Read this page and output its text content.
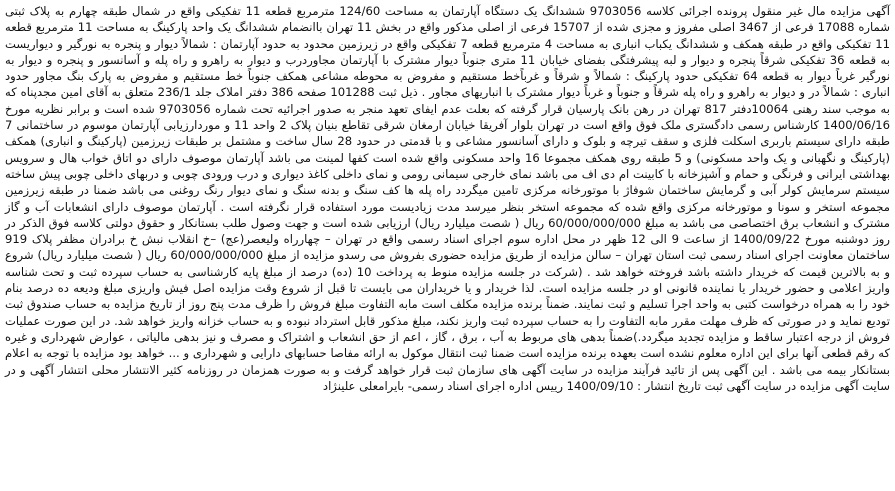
آگهی مزایده مال غیر منقول پرونده اجرائی کلاسه 9703056 ششدانگ یک دستگاه آپارتمان به مساحت 124/60 مترمربع قطعه 11 تفکیکی واقع در شمال طبقه چهارم به پلاک ثبتی شماره 17088 فرعی از 3467 اصلی مفروز و مجزی شده از 15707 فرعی از اصلی مذکور واقع در بخش 11 تهران باانضمام ششدانگ یک واحد پارکینگ به مساحت 11 مترمربع قطعه 11 تفکیکی واقع در طبقه همکف و ششدانگ یکباب انباری به مساحت 4 مترمربع قطعه 7 تفکیکی واقع در زیرزمین محدود به حدود آپارتمان : شمالاً دیوار و پنجره به نورگیر و دیواریست به قطعه 36 تفکیکی شرقاً پنجره و دیوار و لبه پیشرفتگی بفضای خیابان 11 متری جنوباً دیوار مشترک با آپارتمان مجاوردرب و دیوار به راهرو و راه پله و آسانسور و پنجره و دیوار به نورگیر غرباً دیوار به قطعه 64 تفکیکی حدود پارکینگ : شمالاً و شرقاً و غرباًخط مستقیم و مفروض به محوطه مشاعی همکف جنوباً خط مستقیم و مفروض به پارک بنگ مجاور حدود انباری : شمالاً در و دیوار به راهرو و راه پله شرقاً و جنوباً و غرباً دیوار مشترک با انباریهای مجاور . ذیل ثبت 101288 صفحه 386 دفتر املاک جلد 236/1 متعلق به آقای امین مجدپناه که به موجب سند رهنی 10064دفتر 817 تهران در رهن بانک پارسیان قرار گرفته که بعلت عدم ایفای تعهد منجر به صدور اجرائیه تحت شماره 9703056 شده است و برابر نظریه مورخ 1400/06/16 کارشناس رسمی دادگستری ملک فوق واقع است در تهران بلوار آفریقا خیابان ارمغان شرقی تقاطع بنیان پلاک 2 واحد 11 و موردارزیابی آپارتمان موسوم در ساختمانی 7 طبقه دارای سیستم باربری اسکلت فلزی و سقف تیرچه و بلوک و دارای آسانسور مشاعی و با قدمتی در حدود 28 سال ساخت و مشتمل بر طبقات زیرزمین (پارکینگ و انباری) همکف (پارکینگ و نگهبانی و یک واحد مسکونی) و 5 طبقه روی همکف مجموعا 16 واحد مسکونی واقع شده است کفها لمینت می باشد آپارتمان موصوف دارای دو اتاق خواب هال و سرویس بهداشتی ایرانی و فرنگی و حمام و آشپزخانه با کابینت ام دی اف می باشد نمای خارجی سیمانی رومی و نمای داخلی کاغذ دیواری و درب ورودی چوبی و دربهای داخلی چوبی پیش ساخته سیستم سرمایش کولر آبی و گرمایش ساختمان شوفاژ با موتورخانه مرکزی تامین میگردد راه پله ها کف سنگ و بدنه سنگ و نمای دیوار رنگ روغنی می باشد ضمنا در طبقه زیرزمین مجموعه استخر و سونا و موتورخانه مرکزی واقع شده که مجموعه استخر بنظر میرسد مدت زیادیست مورد استفاده قرار نگرفته است . آپارتمان موصوف دارای انشعابات آب و گاز مشترک و انشعاب برق اختصاصی می باشد به مبلغ 60/000/000/000 ریال ( شصت میلیارد ریال) ارزیابی شده است و جهت وصول طلب بستانکار و حقوق دولتی کلاسه فوق الذکر در روز دوشنبه مورخ 1400/09/22 از ساعت 9 الی 12 ظهر در محل اداره سوم اجرای اسناد رسمی واقع در تهران – چهارراه ولیعصر(عج) –خ انقلاب نبش خ برادران مظفر پلاک 919 ساختمان معاونت اجرای اسناد رسمی ثبت استان تهران – سالن مزایده از طریق مزایده حضوری بفروش می رسدو مزایده از مبلغ 60/000/000/000 ریال ( شصت میلیارد ریال) شروع و به بالاترین قیمت که خریدار داشته باشد فروخته خواهد شد . (شرکت در جلسه مزایده منوط به پرداخت 10 (ده) درصد از مبلغ پایه کارشناسی به حساب سپرده ثبت و تحت شناسه واریز اعلامی و حضور خریدار یا نماینده قانونی او در جلسه مزایده است. لذا خریدار و یا خریداران می بایست تا قبل از شروع وقت مزایده اصل فیش واریزی مبلغ ودیعه ده درصد بنام خود را به همراه درخواست کتبی به واحد اجرا تسلیم و ثبت نمایند. ضمناً برنده مزایده مکلف است مابه التفاوت مبلغ فروش را ظرف مدت پنج روز از تاریخ مزایده به حساب صندوق ثبت تودیع نماید و در صورتی که ظرف مهلت مقرر مابه التفاوت را به حساب سپرده ثبت واریز نکند، مبلغ مذکور قابل استرداد نبوده و به حساب خزانه واریز خواهد شد. در این صورت عملیات فروش از درجه اعتبار ساقط و مزایده تجدید میگردد.)ضمناً بدهی های مربوط به آب ، برق ، گاز ، اعم از حق انشعاب و اشتراک و مصرف و نیز بدهی مالیاتی ، عوارض شهرداری و غیره که رقم قطعی آنها برای این اداره معلوم نشده است بعهده برنده مزایده است ضمنا ثبت انتقال موکول به ارائه مفاصا حسابهای دارایی و شهرداری و ... خواهد بود مزایده با توجه به اعلام بستانکار بیمه می باشد . این آگهی پس از تائید فرآیند مزایده در سایت آگهی های سازمان ثبت قرار خواهد گرفت و به صورت همزمان در روزنامه کثیر الانتشار محلی انتشار آگهی و در سایت آگهی مزایده در سایت آگهی ثبت تاریخ انتشار : 1400/09/10 رییس اداره اجرای اسناد رسمی- بایرامعلی علینژاد
